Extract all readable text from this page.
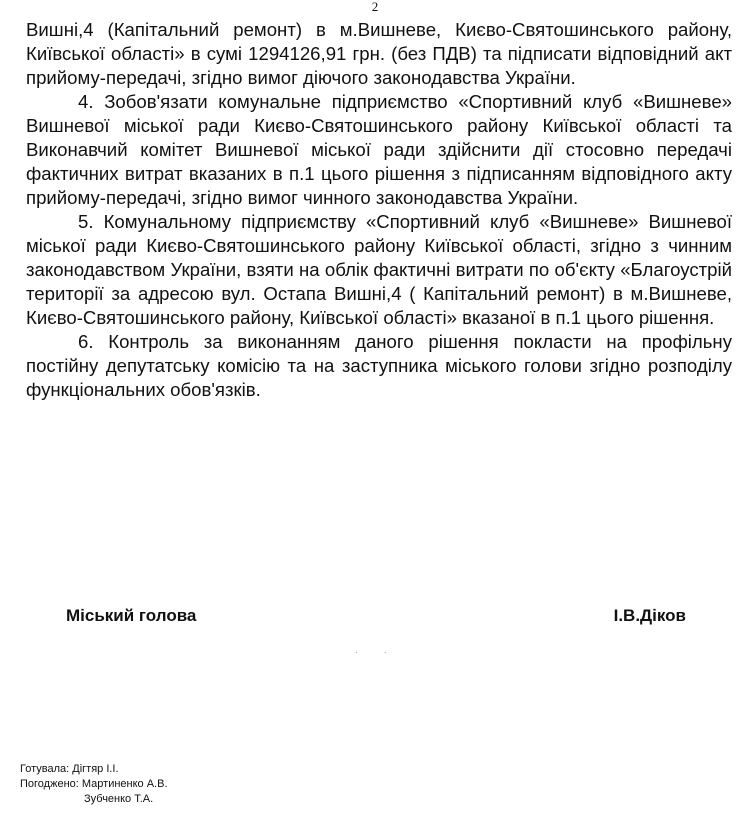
2

Вишні,4 (Капітальний ремонт) в м.Вишневе, Києво-Святошинського району, Київської області» в сумі 1294126,91 грн. (без ПДВ) та підписати відповідний акт прийому-передачі, згідно вимог діючого законодавства України.

4. Зобов'язати комунальне підприємство «Спортивний клуб «Вишневе» Вишневої міської ради Києво-Святошинського району Київської області та Виконавчий комітет Вишневої міської ради здійснити дії стосовно передачі фактичних витрат вказаних в п.1 цього рішення з підписанням відповідного акту прийому-передачі, згідно вимог чинного законодавства України.

5. Комунальному підприємству «Спортивний клуб «Вишневе» Вишневої міської ради Києво-Святошинського району Київської області, згідно з чинним законодавством України, взяти на облік фактичні витрати по об'єкту «Благоустрій території за адресою вул. Остапа Вишні,4 ( Капітальний ремонт) в м.Вишневе, Києво-Святошинського району, Київської області» вказаної в п.1 цього рішення.

6. Контроль за виконанням даного рішення покласти на профільну постійну депутатську комісію та на заступника міського голови згідно розподілу функціональних обов'язків.

Міський голова	І.В.Діков
· ·
Готувала: Дігтяр І.І.
Погоджено: Мартиненко А.В.
Зубченко Т.А.
